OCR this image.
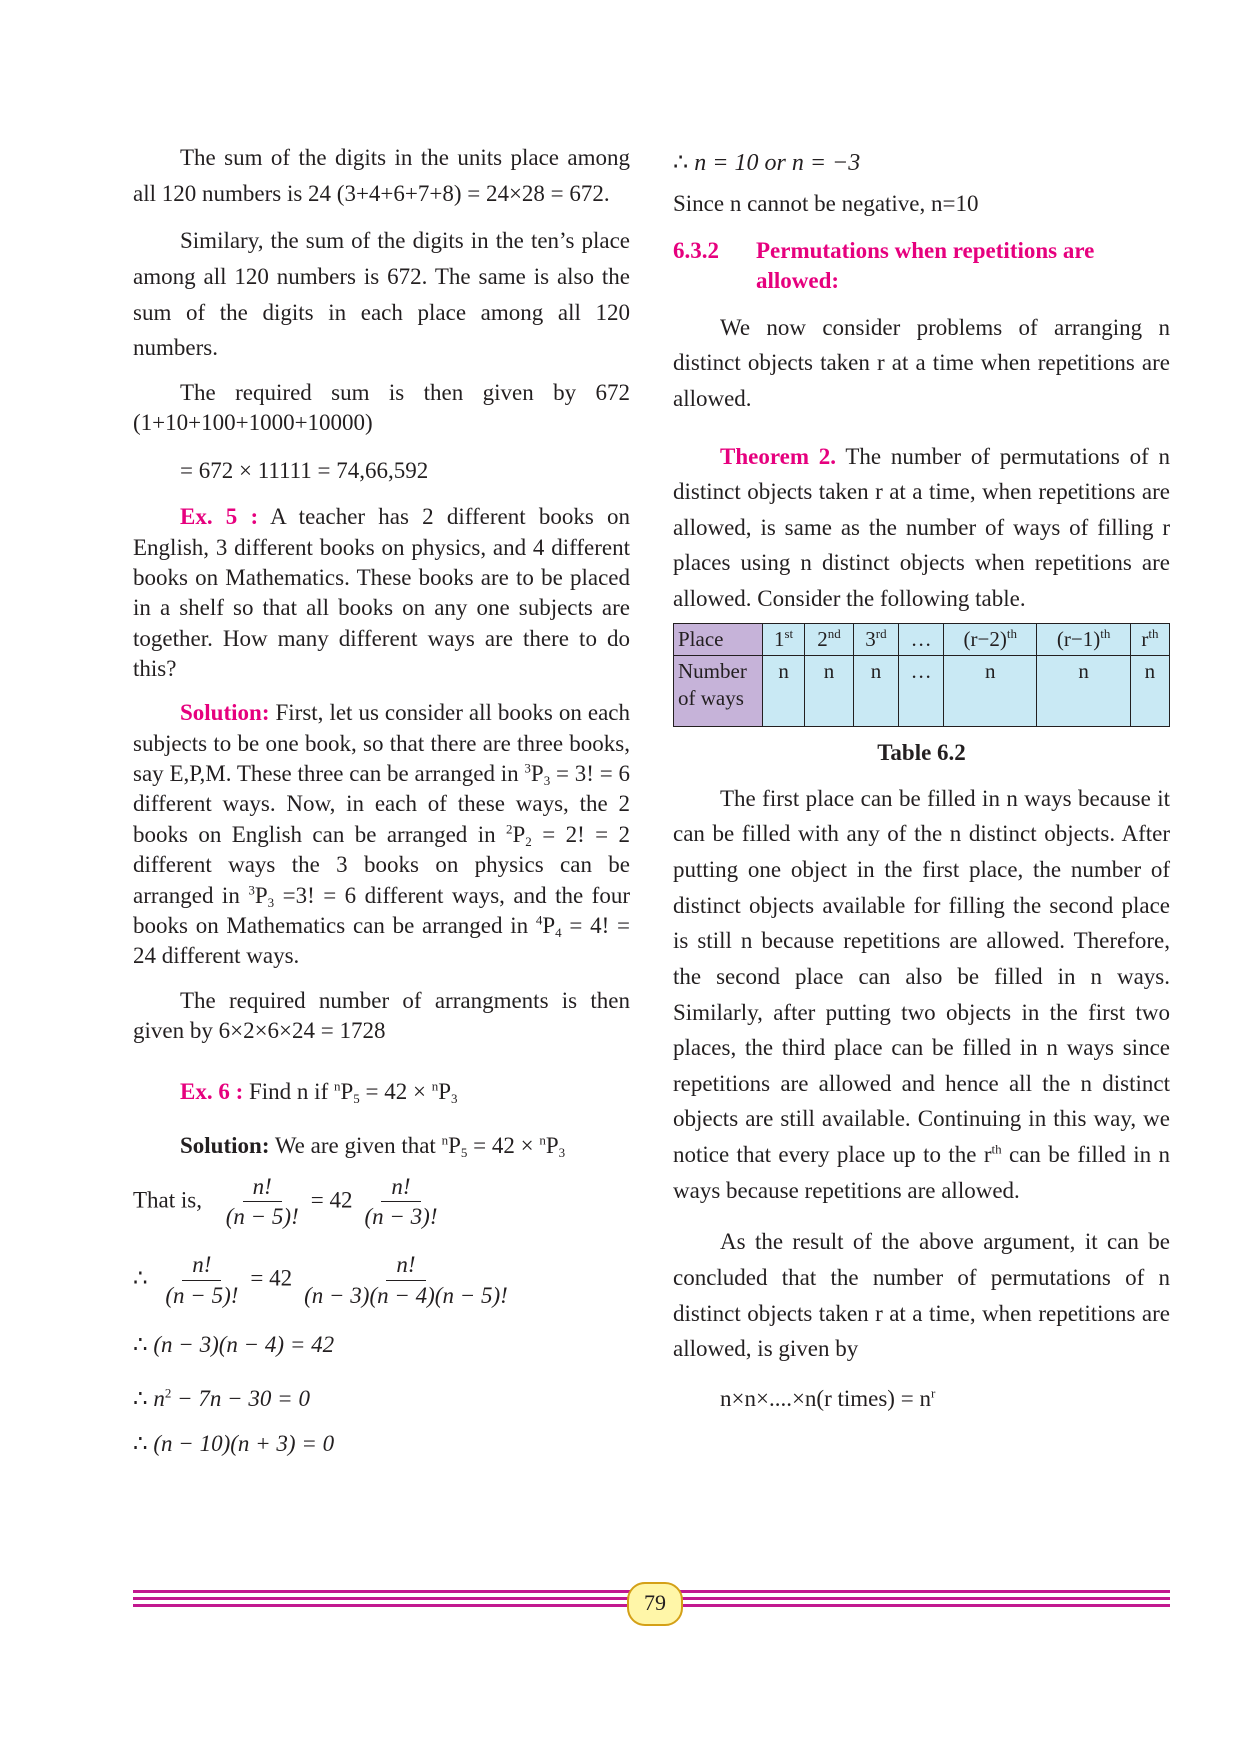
The sum of the digits in the units place among all 120 numbers is 24 (3+4+6+7+8) = 24×28 = 672.

Similary, the sum of the digits in the ten’s place among all 120 numbers is 672. The same is also the sum of the digits in each place among all 120 numbers.

The required sum is then given by 672 (1+10+100+1000+10000)

= 672 × 11111 = 74,66,592

Ex. 5 : A teacher has 2 different books on English, 3 different books on physics, and 4 different books on Mathematics. These books are to be placed in a shelf so that all books on any one subjects are together. How many different ways are there to do this?

Solution: First, let us consider all books on each subjects to be one book, so that there are three books, say E,P,M. These three can be arranged in $^3P_3 = 3$! = 6 different ways. Now, in each of these ways, the 2 books on English can be arranged in $^2P_2 = 2$! = 2 different ways the 3 books on physics can be arranged in $^3P_3 =3$! = 6 different ways, and the four books on Mathematics can be arranged in $^4P_4 = 4$! = 24 different ways.

The required number of arrangments is then given by 6×2×6×24 = 1728

Ex. 6 : Find n if $^nP_5 = 42 \times ^nP_3$

Solution: We are given that $^nP_5 = 42 \times ^nP_3$

That is, $\frac{n!}{(n - 5)!} = 42 \frac{n!}{(n - 3)!}$
∴ $\frac{n!}{(n - 5)!} = 42 \frac{n!}{(n - 3)(n - 4)(n - 5)!}$
∴ (n − 3)(n − 4) = 42
∴ $n^2 - 7n - 30 = 0$
∴ (n − 10)(n + 3) = 0
∴ n = 10 or n = −3

Since n cannot be negative, n=10

6.3.2	Permutations when repetitions are allowed:

We now consider problems of arranging n distinct objects taken r at a time when repetitions are allowed.

Theorem 2. The number of permutations of n distinct objects taken r at a time, when repetitions are allowed, is same as the number of ways of filling r places using n distinct objects when repetitions are allowed. Consider the following table.

Place	1st	2nd	3rd	…	$(r-2)^{th}$	$(r-1)^{th}$	$r^{th}$
Number of ways	n	n	n	…	n	n	n
Table 6.2

The first place can be filled in n ways because it can be filled with any of the n distinct objects. After putting one object in the first place, the number of distinct objects available for filling the second place is still n because repetitions are allowed. Therefore, the second place can also be filled in n ways. Similarly, after putting two objects in the first two places, the third place can be filled in n ways since repetitions are allowed and hence all the n distinct objects are still available. Continuing in this way, we notice that every place up to the $r^{th}$ can be filled in n ways because repetitions are allowed.

As the result of the above argument, it can be concluded that the number of permutations of n distinct objects taken r at a time, when repetitions are allowed, is given by

n×n×....×n(r times) = $n^r$

79
